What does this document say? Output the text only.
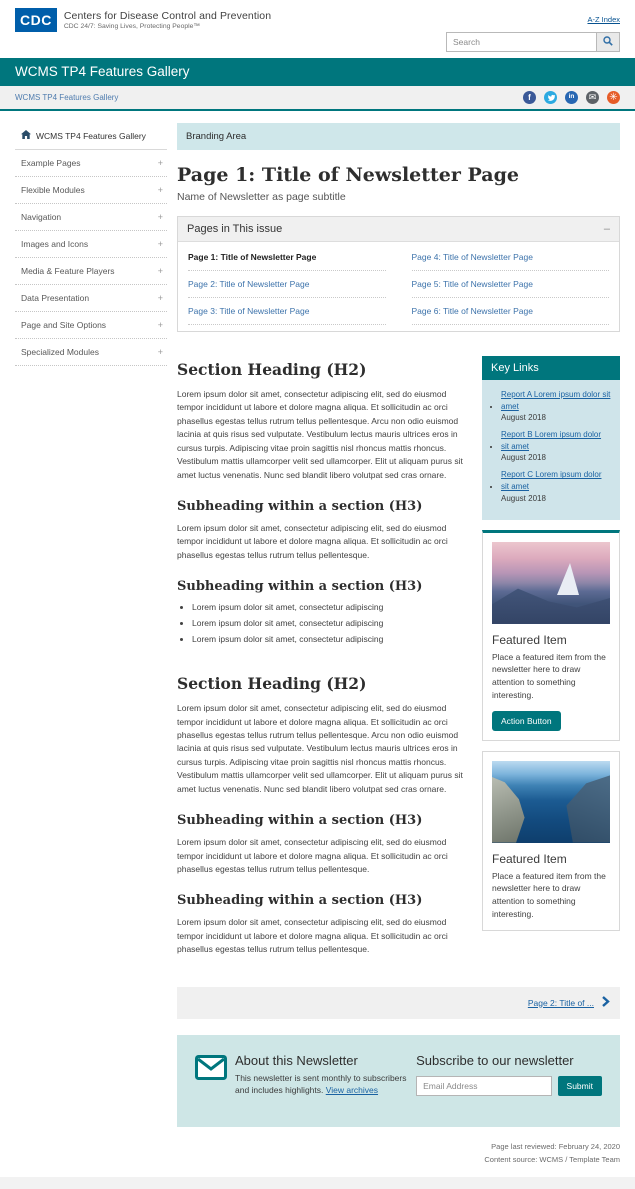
CDC	Centers for Disease Control and Prevention
CDC 24/7: Saving Lives, Protecting People™
A-Z Index
Search
WCMS TP4 Features Gallery
WCMS TP4 Features Gallery	f	in	✉ ✳
WCMS TP4 Features Gallery
Example Pages	+
Flexible Modules	+
Navigation	+
Images and Icons	+
Media & Feature Players	+
Data Presentation	+
Page and Site Options	+
Specialized Modules	+
Branding Area
Page 1: Title of Newsletter Page
Name of Newsletter as page subtitle
Pages in This issue	–
Page 1: Title of Newsletter Page
Page 2: Title of Newsletter Page
Page 3: Title of Newsletter Page
Page 4: Title of Newsletter Page
Page 5: Title of Newsletter Page
Page 6: Title of Newsletter Page
Section Heading (H2)

Lorem ipsum dolor sit amet, consectetur adipiscing elit, sed do eiusmod tempor incididunt ut labore et dolore magna aliqua. Et sollicitudin ac orci phasellus egestas tellus rutrum tellus pellentesque. Arcu non odio euismod lacinia at quis risus sed vulputate. Vestibulum lectus mauris ultrices eros in cursus turpis. Adipiscing vitae proin sagittis nisl rhoncus mattis rhoncus. Vestibulum mattis ullamcorper velit sed ullamcorper. Elit ut aliquam purus sit amet luctus venenatis. Nunc sed blandit libero volutpat sed cras ornare.

Subheading within a section (H3)

Lorem ipsum dolor sit amet, consectetur adipiscing elit, sed do eiusmod tempor incididunt ut labore et dolore magna aliqua. Et sollicitudin ac orci phasellus egestas tellus rutrum tellus pellentesque.

Subheading within a section (H3)
• Lorem ipsum dolor sit amet, consectetur adipiscing
• Lorem ipsum dolor sit amet, consectetur adipiscing
• Lorem ipsum dolor sit amet, consectetur adipiscing
Section Heading (H2)

Lorem ipsum dolor sit amet, consectetur adipiscing elit, sed do eiusmod tempor incididunt ut labore et dolore magna aliqua. Et sollicitudin ac orci phasellus egestas tellus rutrum tellus pellentesque. Arcu non odio euismod lacinia at quis risus sed vulputate. Vestibulum lectus mauris ultrices eros in cursus turpis. Adipiscing vitae proin sagittis nisl rhoncus mattis rhoncus. Vestibulum mattis ullamcorper velit sed ullamcorper. Elit ut aliquam purus sit amet luctus venenatis. Nunc sed blandit libero volutpat sed cras ornare.

Subheading within a section (H3)

Lorem ipsum dolor sit amet, consectetur adipiscing elit, sed do eiusmod tempor incididunt ut labore et dolore magna aliqua. Et sollicitudin ac orci phasellus egestas tellus rutrum tellus pellentesque.

Subheading within a section (H3)

Lorem ipsum dolor sit amet, consectetur adipiscing elit, sed do eiusmod tempor incididunt ut labore et dolore magna aliqua. Et sollicitudin ac orci phasellus egestas tellus rutrum tellus pellentesque.

Key Links
• Report A Lorem ipsum dolor sit amet
August 2018
• Report B Lorem ipsum dolor sit amet
August 2018
• Report C Lorem ipsum dolor sit amet
August 2018
Featured Item
Place a featured item from the newsletter here to draw attention to something interesting.
Action Button
Featured Item
Place a featured item from the newsletter here to draw attention to something interesting.
Page 2: Title of ...
About this Newsletter
This newsletter is sent monthly to subscribers and includes highlights. View archives
Subscribe to our newsletter
Email Address
Submit
Page last reviewed: February 24, 2020
Content source: WCMS / Template Team
